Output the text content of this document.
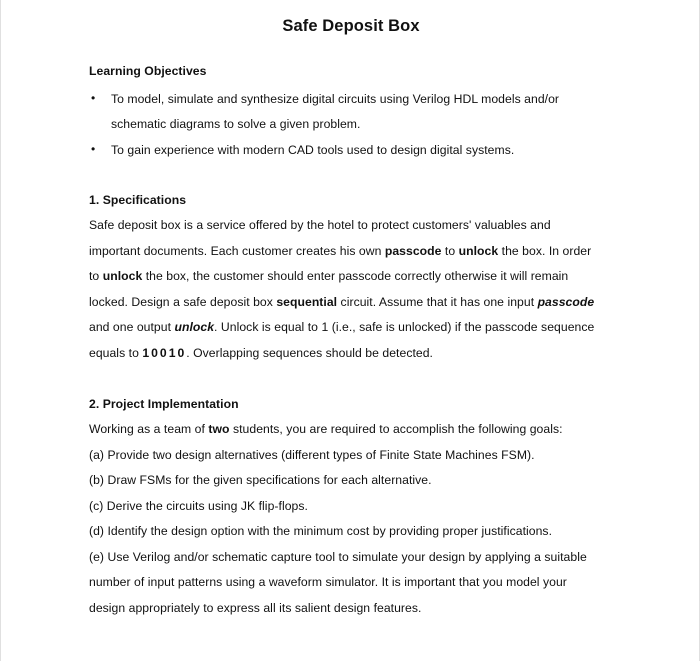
Safe Deposit Box
Learning Objectives
• To model, simulate and synthesize digital circuits using Verilog HDL models and/or
schematic diagrams to solve a given problem.
• To gain experience with modern CAD tools used to design digital systems.
1. Specifications
Safe deposit box is a service offered by the hotel to protect customers' valuables and
important documents. Each customer creates his own passcode to unlock the box. In order
to unlock the box, the customer should enter passcode correctly otherwise it will remain
locked. Design a safe deposit box sequential circuit. Assume that it has one input passcode
and one output unlock. Unlock is equal to 1 (i.e., safe is unlocked) if the passcode sequence
equals to 10010. Overlapping sequences should be detected.
2. Project Implementation
Working as a team of two students, you are required to accomplish the following goals:
(a) Provide two design alternatives (different types of Finite State Machines FSM).
(b) Draw FSMs for the given specifications for each alternative.
(c) Derive the circuits using JK flip-flops.
(d) Identify the design option with the minimum cost by providing proper justifications.
(e) Use Verilog and/or schematic capture tool to simulate your design by applying a suitable
number of input patterns using a waveform simulator. It is important that you model your
design appropriately to express all its salient design features.
